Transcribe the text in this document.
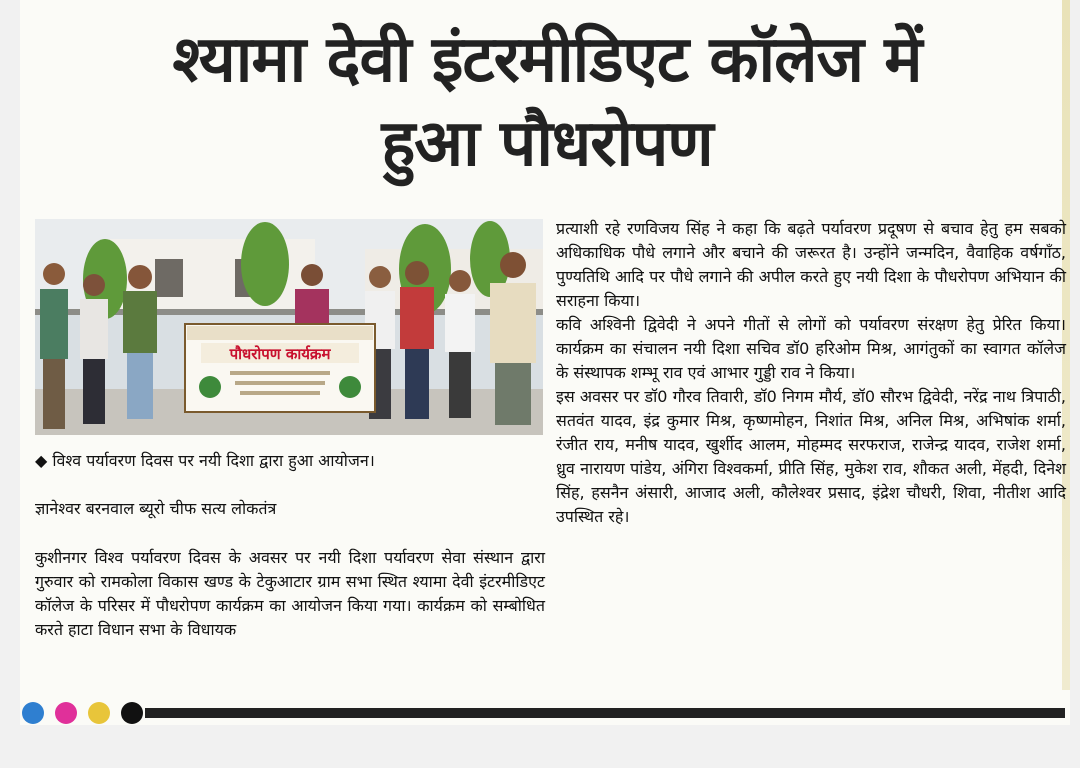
श्यामा देवी इंटरमीडिएट कॉलेज में
हुआ पौधरोपण
पौधरोपण कार्यक्रम

◆ विश्व पर्यावरण दिवस पर नयी दिशा द्वारा हुआ आयोजन।

ज्ञानेश्वर बरनवाल ब्यूरो चीफ सत्य लोकतंत्र

कुशीनगर विश्व पर्यावरण दिवस के अवसर पर नयी दिशा पर्यावरण सेवा संस्थान द्वारा गुरुवार को रामकोला विकास खण्ड के टेकुआटार ग्राम सभा स्थित श्यामा देवी इंटरमीडिएट कॉलेज के परिसर में पौधरोपण कार्यक्रम का आयोजन किया गया। कार्यक्रम को सम्बोधित करते हाटा विधान सभा के विधायक

प्रत्याशी रहे रणविजय सिंह ने कहा कि बढ़ते पर्यावरण प्रदूषण से बचाव हेतु हम सबको अधिकाधिक पौधे लगाने और बचाने की जरूरत है। उन्होंने जन्मदिन, वैवाहिक वर्षगाँठ, पुण्यतिथि आदि पर पौधे लगाने की अपील करते हुए नयी दिशा के पौधरोपण अभियान की सराहना किया।

कवि अश्विनी द्विवेदी ने अपने गीतों से लोगों को पर्यावरण संरक्षण हेतु प्रेरित किया। कार्यक्रम का संचालन नयी दिशा सचिव डॉ0 हरिओम मिश्र, आगंतुकों का स्वागत कॉलेज के संस्थापक शम्भू राव एवं आभार गुड्डी राव ने किया।

इस अवसर पर डॉ0 गौरव तिवारी, डॉ0 निगम मौर्य, डॉ0 सौरभ द्विवेदी, नरेंद्र नाथ त्रिपाठी, सतवंत यादव, इंद्र कुमार मिश्र, कृष्णमोहन, निशांत मिश्र, अनिल मिश्र, अभिषांक शर्मा, रंजीत राय, मनीष यादव, खुर्शीद आलम, मोहम्मद सरफराज, राजेन्द्र यादव, राजेश शर्मा, ध्रुव नारायण पांडेय, अंगिरा विश्वकर्मा, प्रीति सिंह, मुकेश राव, शौकत अली, मेंहदी, दिनेश सिंह, हसनैन अंसारी, आजाद अली, कौलेश्वर प्रसाद, इंद्रेश चौधरी, शिवा, नीतीश आदि उपस्थित रहे।
